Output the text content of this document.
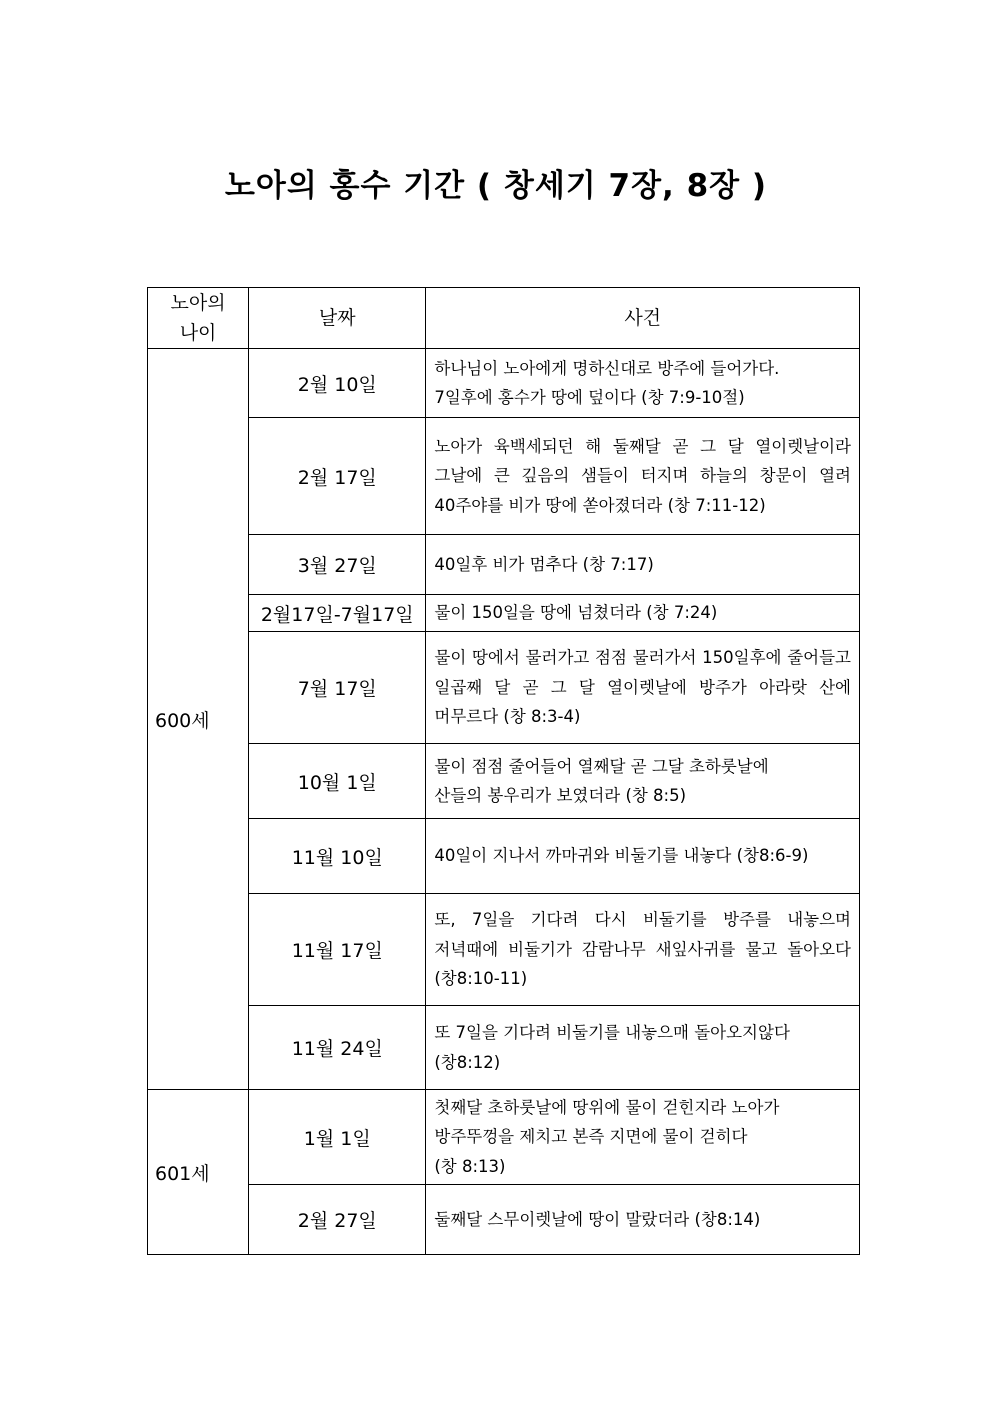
노아의 홍수 기간 ( 창세기 7장, 8장 )
노아의
나이	날짜	사건
600세	2월 10일	하나님이 노아에게 명하신대로 방주에 들어가다.
7일후에 홍수가 땅에 덮이다 (창 7:9-10절)

	2월 17일	노아가 육백세되던 해 둘째달 곧 그 달 열이렛날이라 그날에 큰 깊음의 샘들이 터지며 하늘의 창문이 열려 40주야를 비가 땅에 쏟아졌더라 (창 7:11-12)
	3월 27일	40일후 비가 멈추다 (창 7:17)
	2월17일-7월17일	물이 150일을 땅에 넘쳤더라 (창 7:24)
	7월 17일	물이 땅에서 물러가고 점점 물러가서 150일후에 줄어들고 일곱째 달 곧 그 달 열이렛날에 방주가 아라랏 산에 머무르다 (창 8:3-4)
	10월 1일	물이 점점 줄어들어 열째달 곧 그달 초하룻날에
산들의 봉우리가 보였더라 (창 8:5)

	11월 10일	40일이 지나서 까마귀와 비둘기를 내놓다 (창8:6-9)
	11월 17일	또, 7일을 기다려 다시 비둘기를 방주를 내놓으며 저녁때에 비둘기가 감람나무 새잎사귀를 물고 돌아오다 (창8:10-11)
	11월 24일	또 7일을 기다려 비둘기를 내놓으매 돌아오지않다
(창8:12)

601세	1월 1일	첫째달 초하룻날에 땅위에 물이 걷힌지라 노아가
방주뚜껑을 제치고 본즉 지면에 물이 걷히다
(창 8:13)

	2월 27일	둘째달 스무이렛날에 땅이 말랐더라 (창8:14)
